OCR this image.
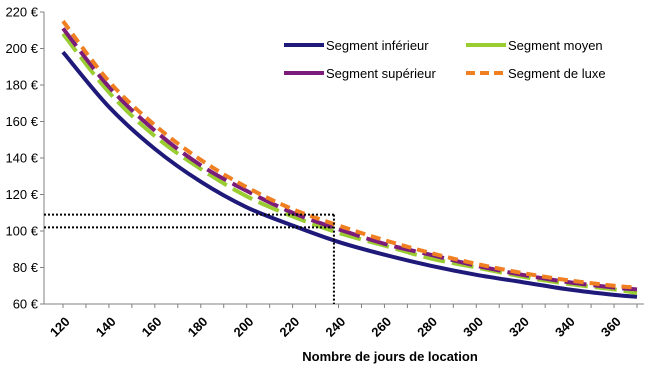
60 €
80 €
100 €
120 €
140 €
160 €
180 €
200 €
220 €
120 140 160 180 200 220 240 260 280 300 320 340 360
Segment inférieur	Segment moyen
Segment supérieur	Segment de luxe
Nombre de jours de location
